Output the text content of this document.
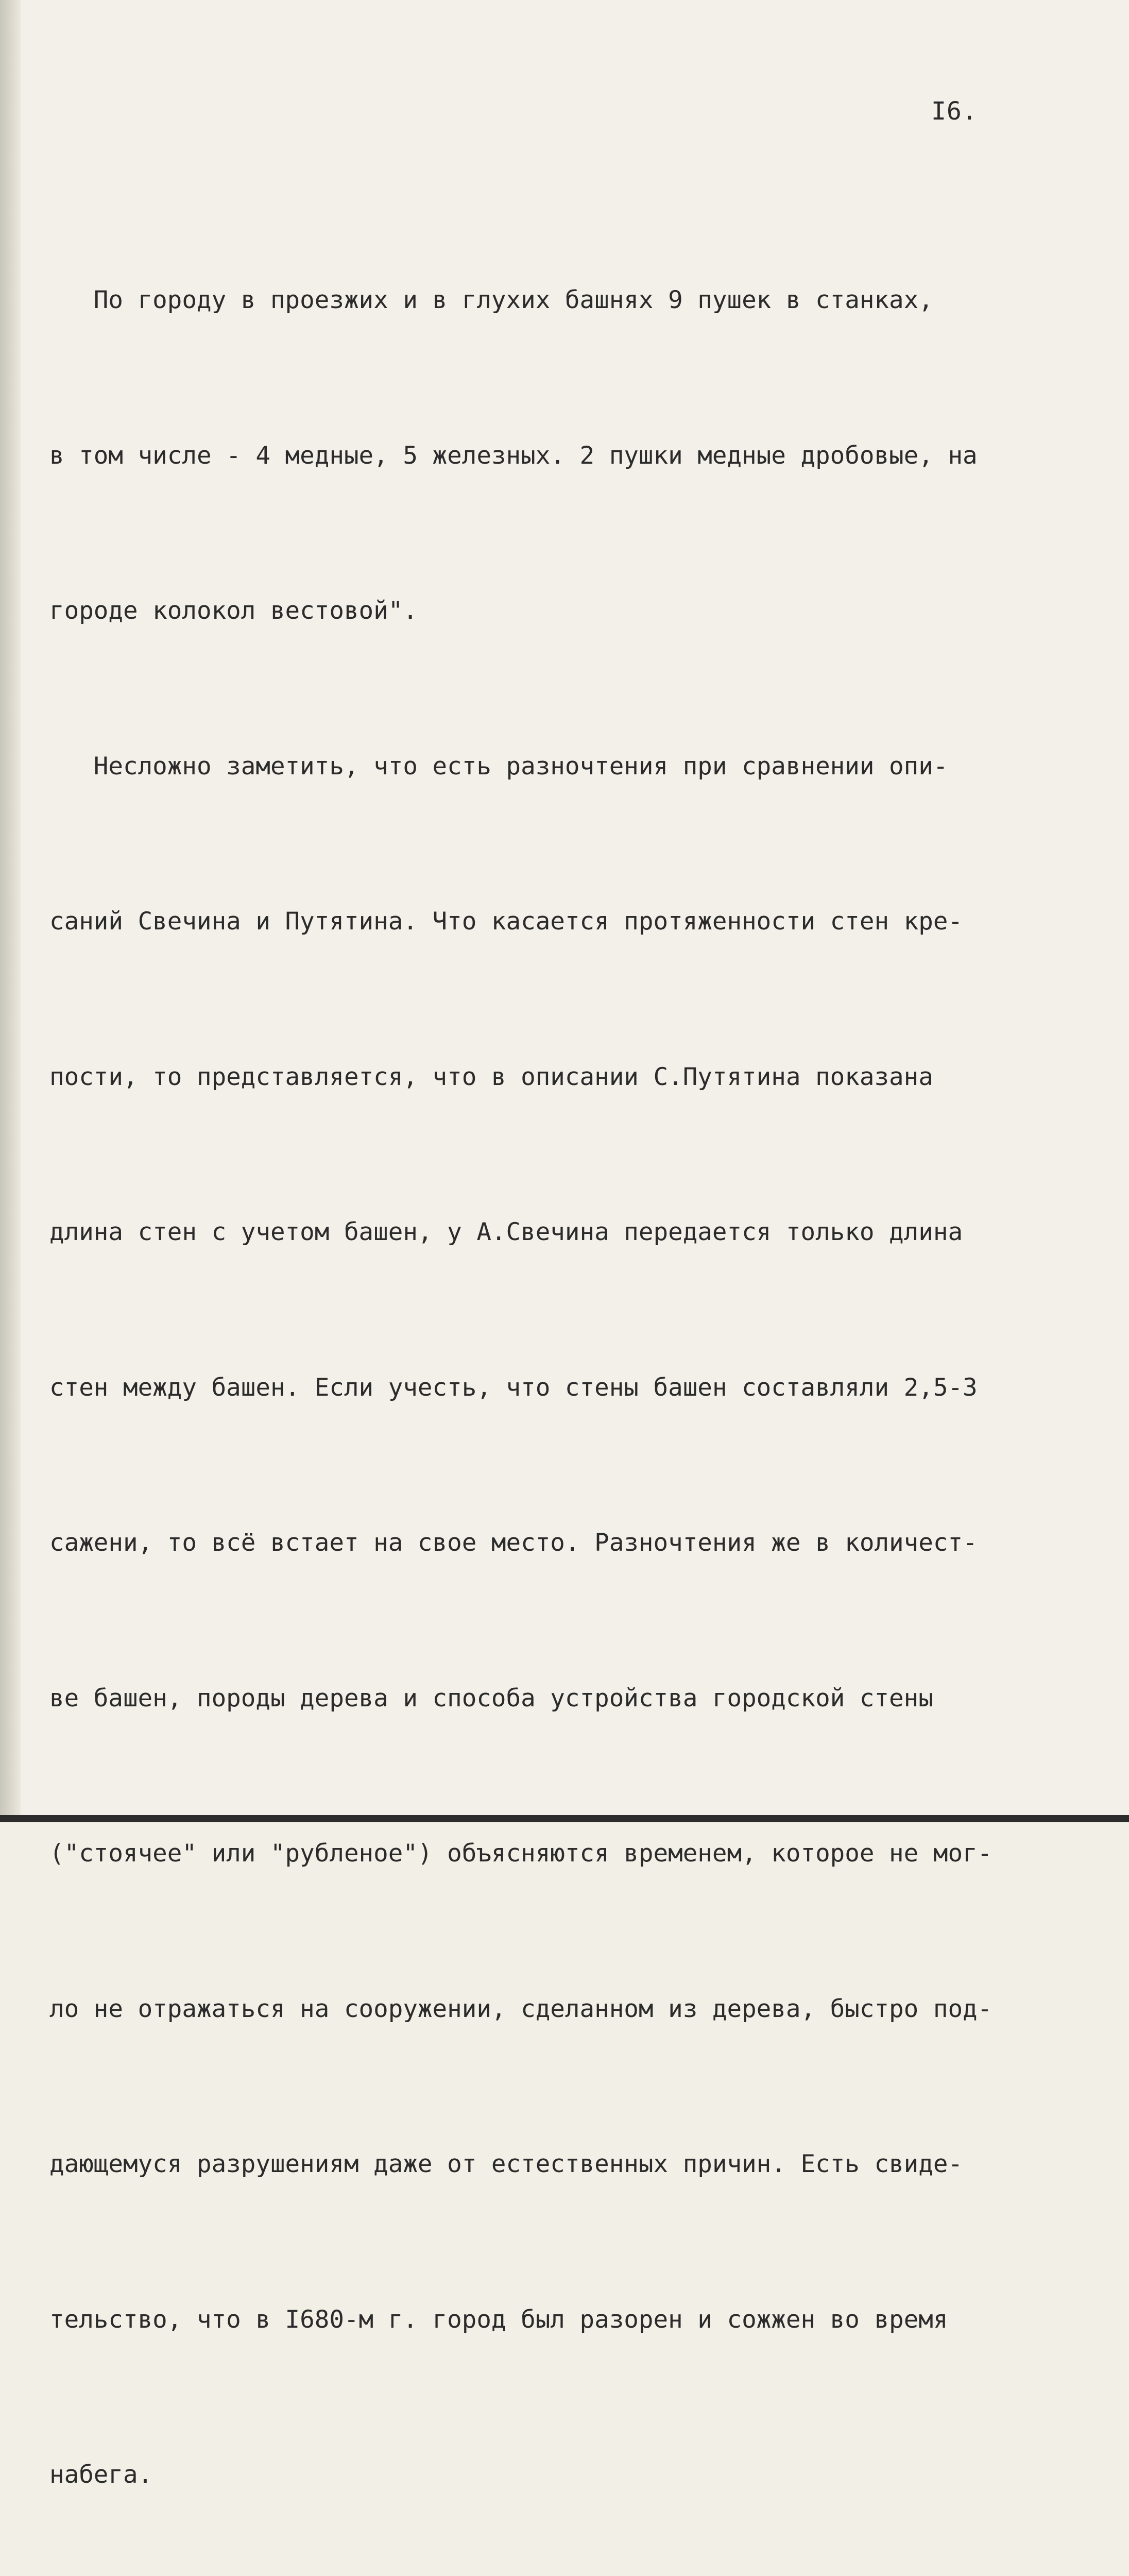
I6.

По городу в проезжих и в глухих башнях 9 пушек в станках,

в том числе - 4 медные, 5 железных. 2 пушки медные дробовые, на

городе колокол вестовой".

Несложно заметить, что есть разночтения при сравнении опи-

саний Свечина и Путятина. Что касается протяженности стен кре-

пости, то представляется, что в описании С.Путятина показана

длина стен с учетом башен, у А.Свечина передается только длина

стен между башен. Если учесть, что стены башен составляли 2,5-3

сажени, то всё встает на свое место. Разночтения же в количест-

ве башен, породы дерева и способа устройства городской стены

("стоячее" или "рубленое") объясняются временем, которое не мог-

ло не отражаться на сооружении, сделанном из дерева, быстро под-

дающемуся разрушениям даже от естественных причин. Есть свиде-

тельство, что в I680-м г. город был разорен и сожжен во время

набега.
